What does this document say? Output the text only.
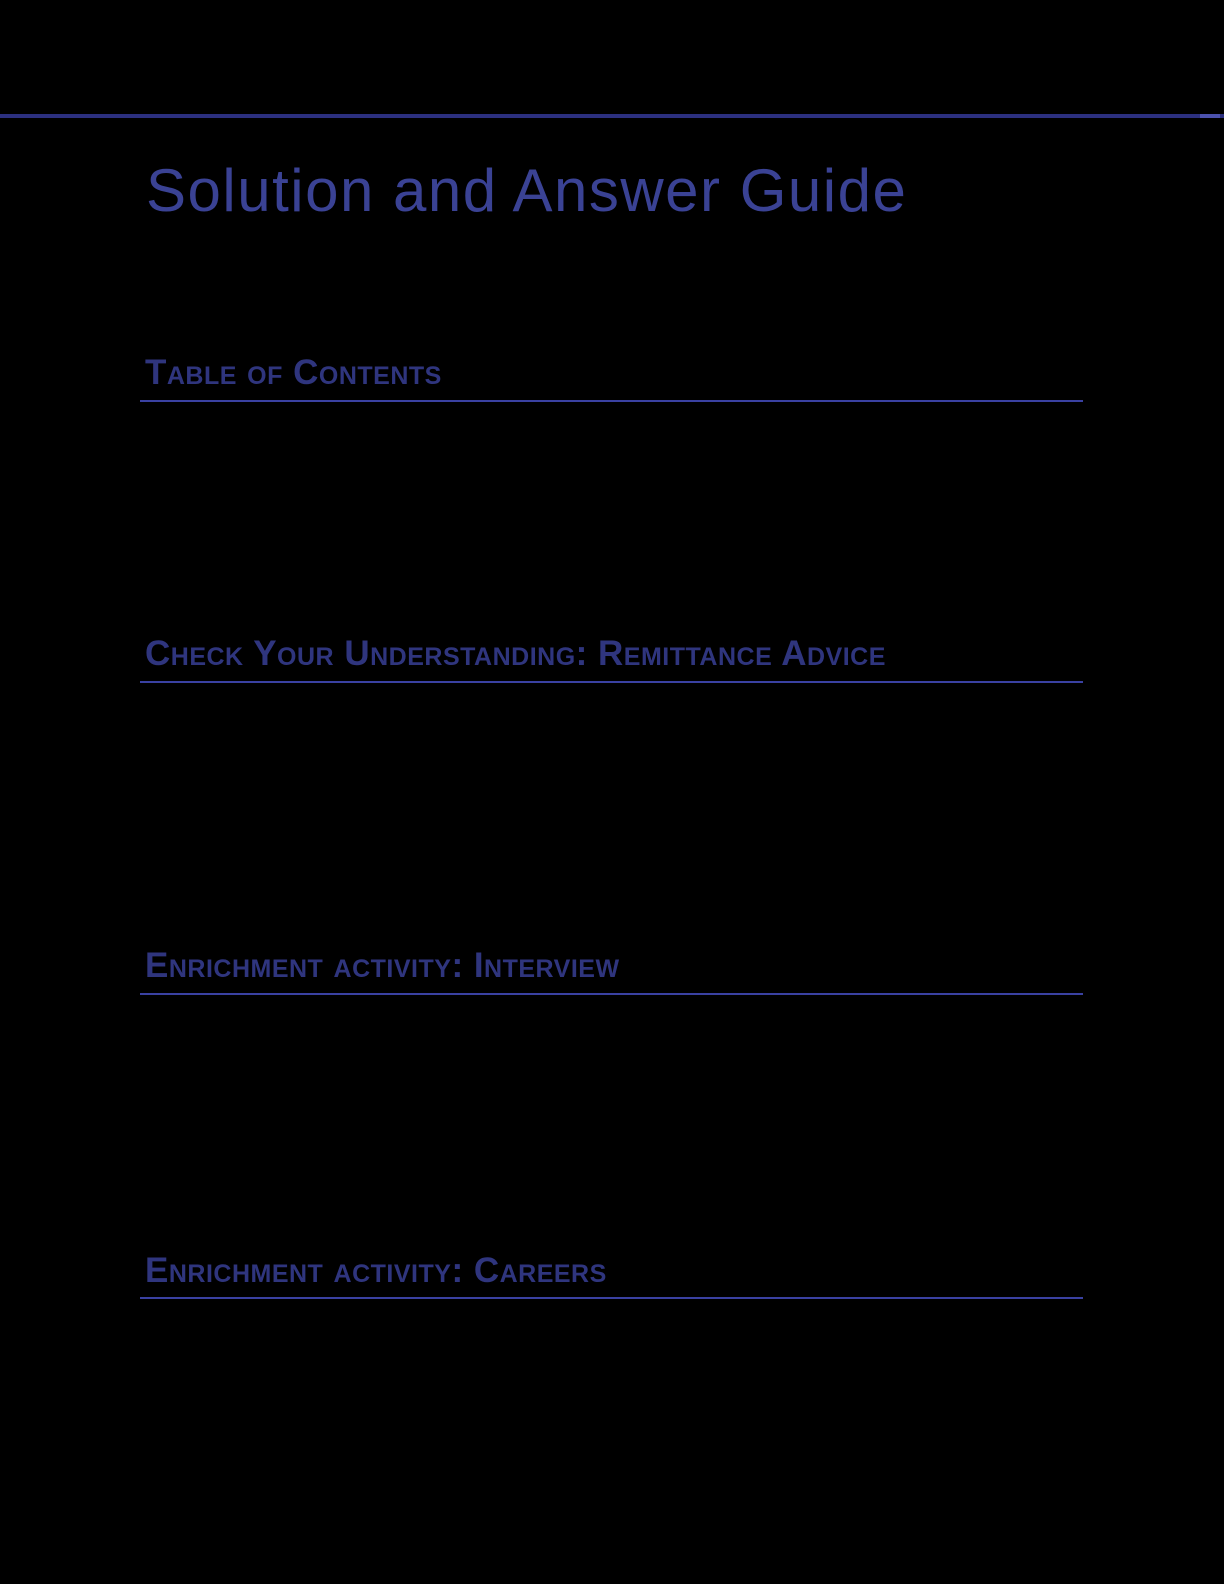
Solution and Answer Guide
Table of Contents
Check Your Understanding: Remittance Advice
Enrichment activity: Interview
Enrichment activity: Careers
